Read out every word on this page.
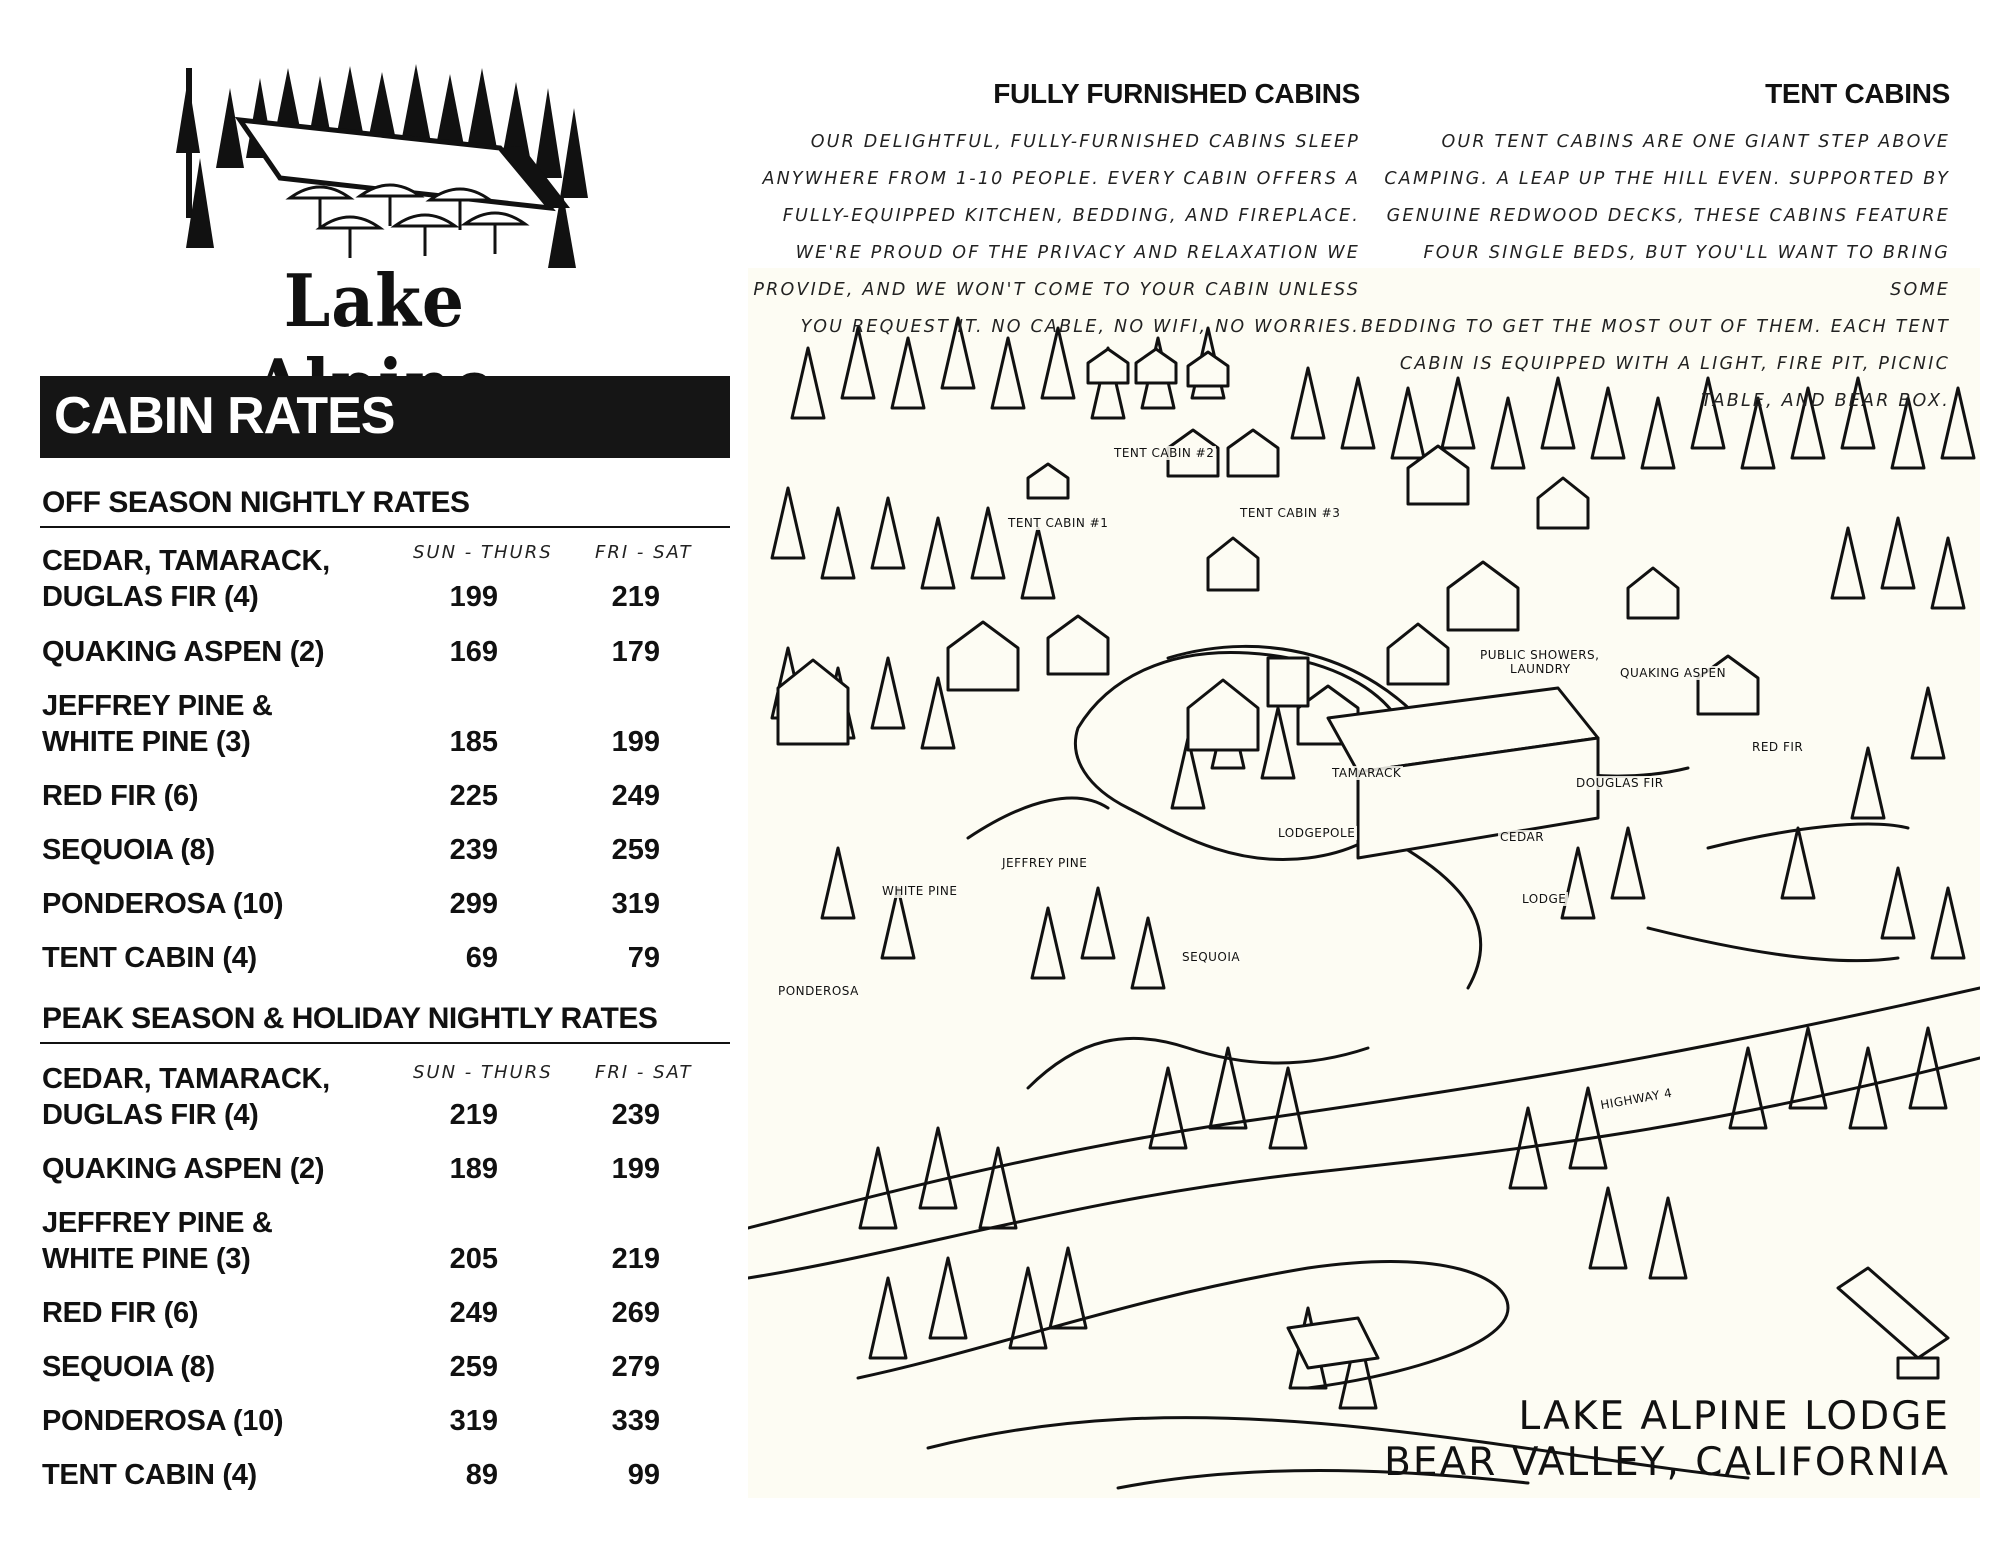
Lake
CABIN RATES
OFF SEASON NIGHTLY RATES
SUN - THURS FRI - SAT
CEDAR, TAMARACK,
DUGLAS FIR (4)	199	219
QUAKING ASPEN (2)	169	179
JEFFREY PINE &
WHITE PINE (3)	185	199
RED FIR (6)	225	249
SEQUOIA (8)	239	259
PONDEROSA (10)	299	319
TENT CABIN (4)	69	79
PEAK SEASON & HOLIDAY NIGHTLY RATES
SUN - THURS FRI - SAT
CEDAR, TAMARACK,
DUGLAS FIR (4)	219	239
QUAKING ASPEN (2)	189	199
JEFFREY PINE &
WHITE PINE (3)	205	219
RED FIR (6)	249	269
SEQUOIA (8)	259	279
PONDEROSA (10)	319	339
TENT CABIN (4)	89	99
TENT CABIN #2
TENT CABIN #1
TENT CABIN #3
PUBLIC SHOWERS,
LAUNDRY	QUAKING ASPEN
RED FIR
TAMARACK
DOUGLAS FIR
CEDAR
LODGEPOLE
WHITE PINE
JEFFREY PINE
LODGE
SEQUOIA
PONDEROSA
HIGHWAY 4
FULLY FURNISHED CABINS
OUR DELIGHTFUL, FULLY-FURNISHED CABINS SLEEP
ANYWHERE FROM 1-10 PEOPLE. EVERY CABIN OFFERS A
FULLY-EQUIPPED KITCHEN, BEDDING, AND FIREPLACE.
WE'RE PROUD OF THE PRIVACY AND RELAXATION WE
PROVIDE, AND WE WON'T COME TO YOUR CABIN UNLESS
YOU REQUEST IT. NO CABLE, NO WIFI, NO WORRIES.
TENT CABINS
OUR TENT CABINS ARE ONE GIANT STEP ABOVE
CAMPING. A LEAP UP THE HILL EVEN. SUPPORTED BY
GENUINE REDWOOD DECKS, THESE CABINS FEATURE
FOUR SINGLE BEDS, BUT YOU'LL WANT TO BRING SOME
BEDDING TO GET THE MOST OUT OF THEM. EACH TENT
CABIN IS EQUIPPED WITH A LIGHT, FIRE PIT, PICNIC
TABLE, AND BEAR BOX.
LAKE ALPINE LODGE
BEAR VALLEY, CALIFORNIA
